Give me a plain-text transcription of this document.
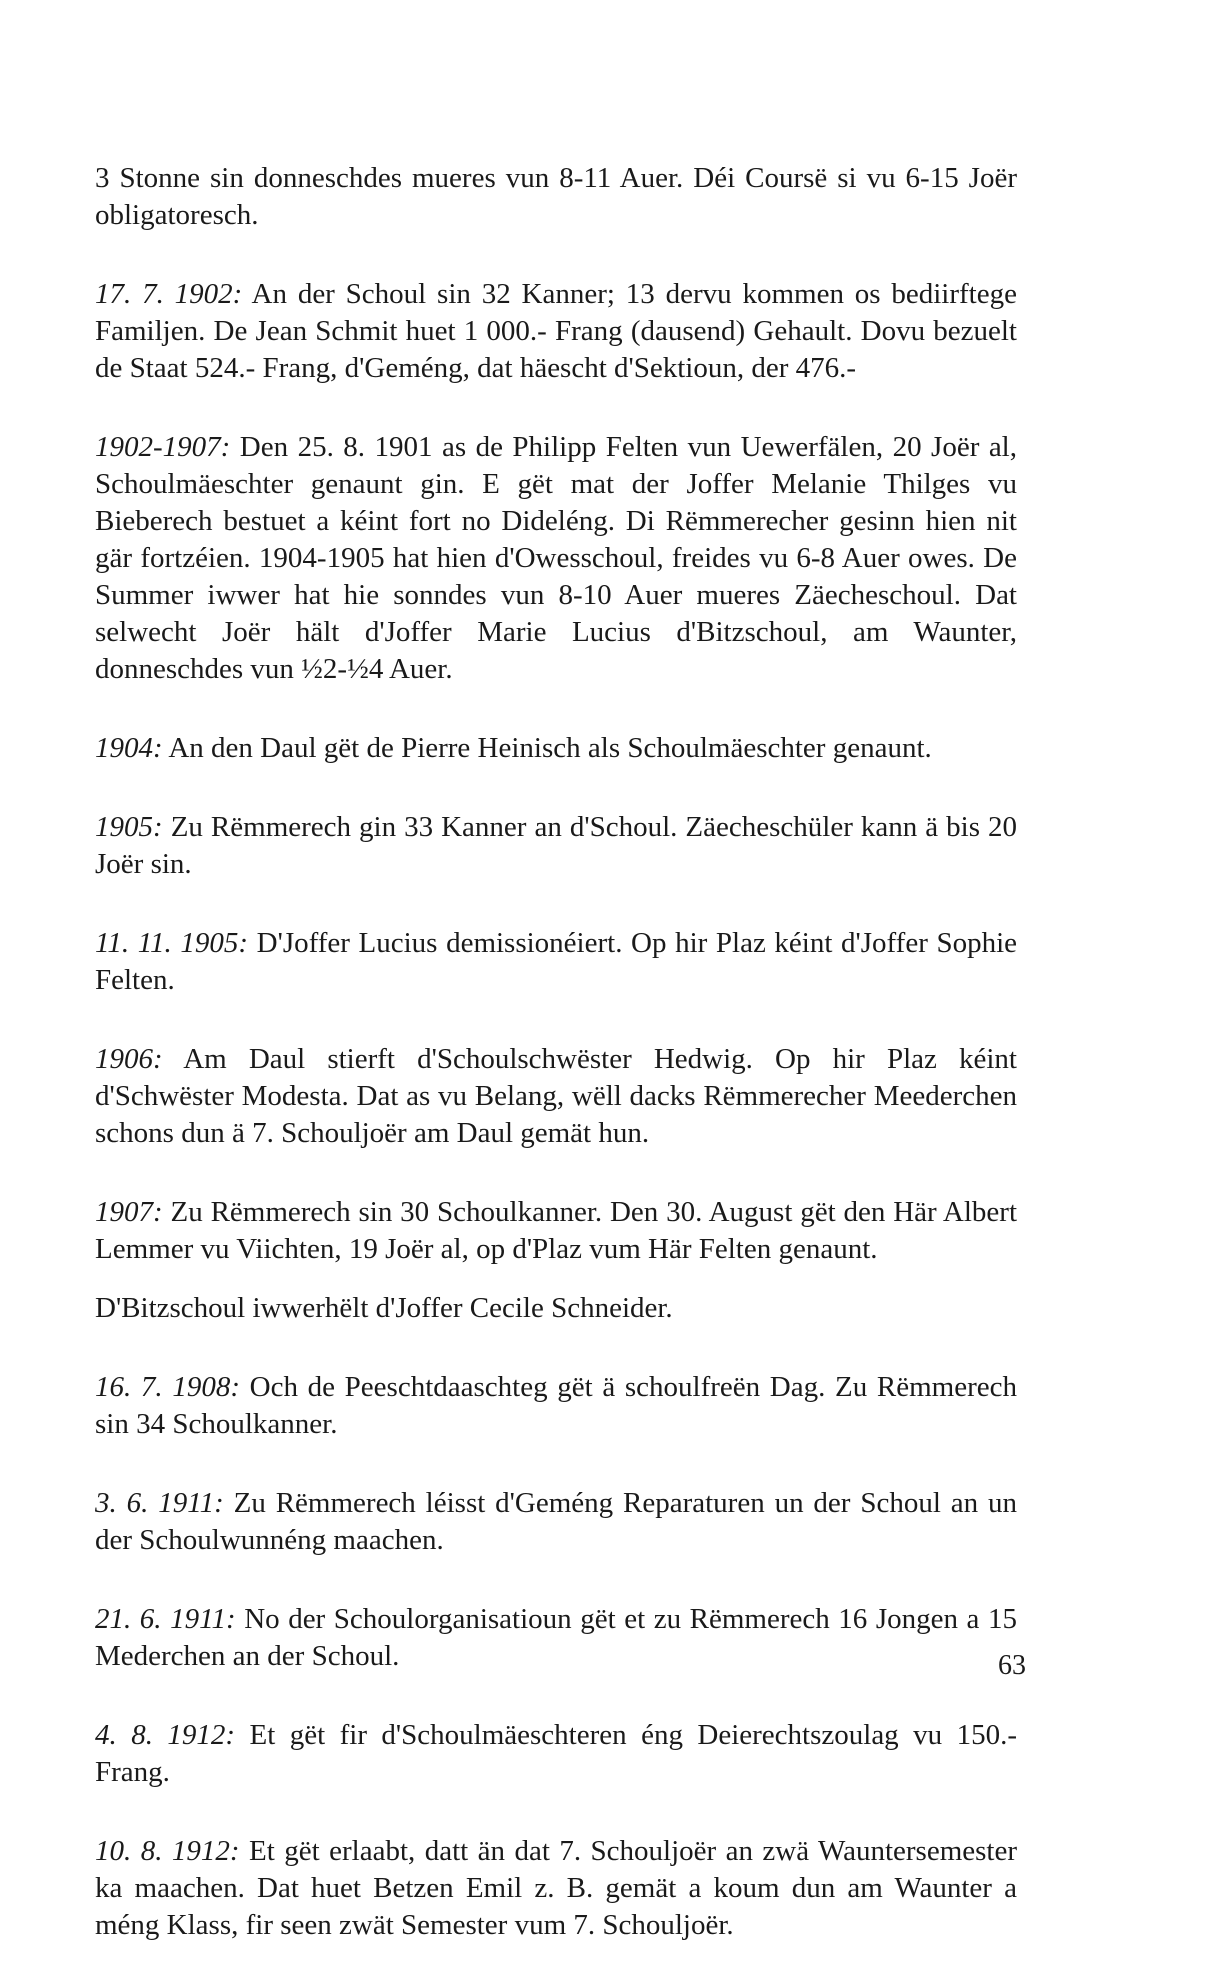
3 Stonne sin donneschdes mueres vun 8-11 Auer. Déi Coursë si vu 6-15 Joër obligatoresch.

17. 7. 1902: An der Schoul sin 32 Kanner; 13 dervu kommen os bediirftege Familjen. De Jean Schmit huet 1 000.- Frang (dausend) Gehault. Dovu bezuelt de Staat 524.- Frang, d'Geméng, dat häescht d'Sektioun, der 476.-

1902-1907: Den 25. 8. 1901 as de Philipp Felten vun Uewerfälen, 20 Joër al, Schoulmäeschter genaunt gin. E gët mat der Joffer Melanie Thilges vu Bieberech bestuet a kéint fort no Dideléng. Di Rëmmerecher gesinn hien nit gär fortzéien. 1904-1905 hat hien d'Owesschoul, freides vu 6-8 Auer owes. De Summer iwwer hat hie sonndes vun 8-10 Auer mueres Zäecheschoul. Dat selwecht Joër hält d'Joffer Marie Lucius d'Bitzschoul, am Waunter, donneschdes vun ½2-½4 Auer.

1904: An den Daul gët de Pierre Heinisch als Schoulmäeschter genaunt.

1905: Zu Rëmmerech gin 33 Kanner an d'Schoul. Zäecheschüler kann ä bis 20 Joër sin.

11. 11. 1905: D'Joffer Lucius demissionéiert. Op hir Plaz kéint d'Joffer Sophie Felten.

1906: Am Daul stierft d'Schoulschwëster Hedwig. Op hir Plaz kéint d'Schwëster Modesta. Dat as vu Belang, wëll dacks Rëmmerecher Meederchen schons dun ä 7. Schouljoër am Daul gemät hun.

1907: Zu Rëmmerech sin 30 Schoulkanner. Den 30. August gët den Här Albert Lemmer vu Viichten, 19 Joër al, op d'Plaz vum Här Felten genaunt.

D'Bitzschoul iwwerhëlt d'Joffer Cecile Schneider.

16. 7. 1908: Och de Peeschtdaaschteg gët ä schoulfreën Dag. Zu Rëmmerech sin 34 Schoulkanner.

3. 6. 1911: Zu Rëmmerech léisst d'Geméng Reparaturen un der Schoul an un der Schoulwunnéng maachen.

21. 6. 1911: No der Schoulorganisatioun gët et zu Rëmmerech 16 Jongen a 15 Mederchen an der Schoul.

4. 8. 1912: Et gët fir d'Schoulmäeschteren éng Deierechtszoulag vu 150.- Frang.

10. 8. 1912: Et gët erlaabt, datt än dat 7. Schouljoër an zwä Wauntersemester ka maachen. Dat huet Betzen Emil z. B. gemät a koum dun am Waunter a méng Klass, fir seen zwät Semester vum 7. Schouljoër.

63
